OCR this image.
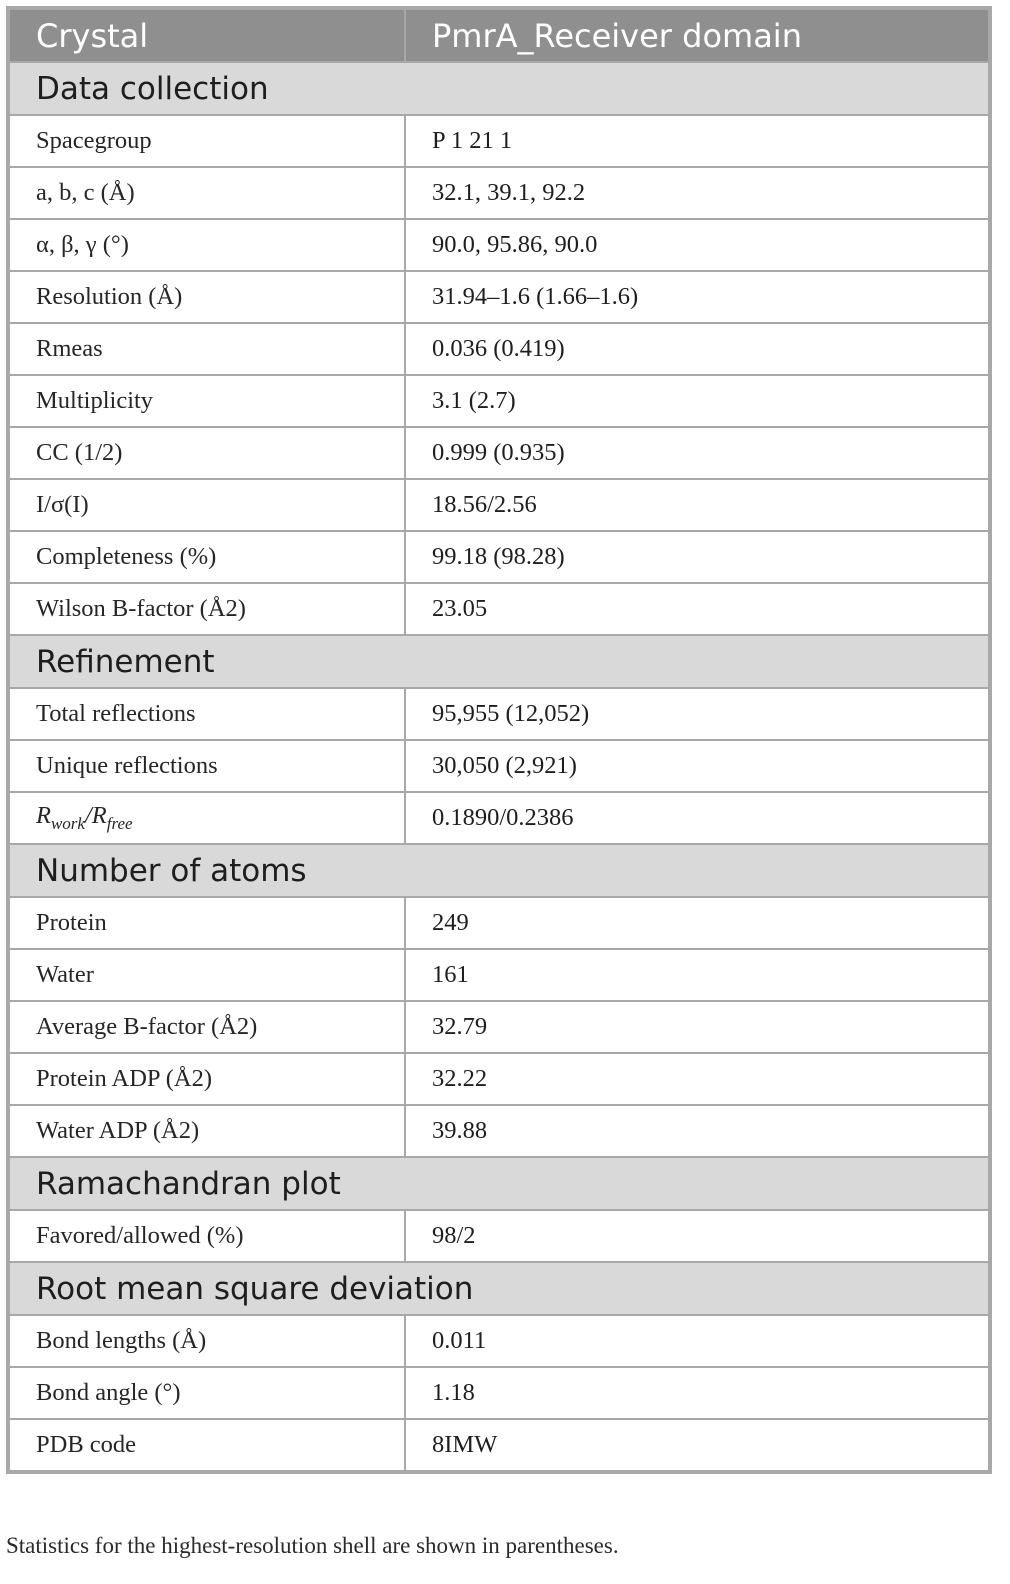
Crystal	PmrA_Receiver domain
Data collection	
Spacegroup	P 1 21 1
a, b, c (Å)	32.1, 39.1, 92.2
α, β, γ (°)	90.0, 95.86, 90.0
Resolution (Å)	31.94–1.6 (1.66–1.6)
Rmeas	0.036 (0.419)
Multiplicity	3.1 (2.7)
CC (1/2)	0.999 (0.935)
I/σ(I)	18.56/2.56
Completeness (%)	99.18 (98.28)
Wilson B-factor (Å2)	23.05
Refinement	
Total reflections	95,955 (12,052)
Unique reflections	30,050 (2,921)
$R_{work}/R_{free}$	0.1890/0.2386
Number of atoms	
Protein	249
Water	161
Average B-factor (Å2)	32.79
Protein ADP (Å2)	32.22
Water ADP (Å2)	39.88
Ramachandran plot	
Favored/allowed (%)	98/2
Root mean square deviation	
Bond lengths (Å)	0.011
Bond angle (°)	1.18
PDB code	8IMW
Statistics for the highest-resolution shell are shown in parentheses.
